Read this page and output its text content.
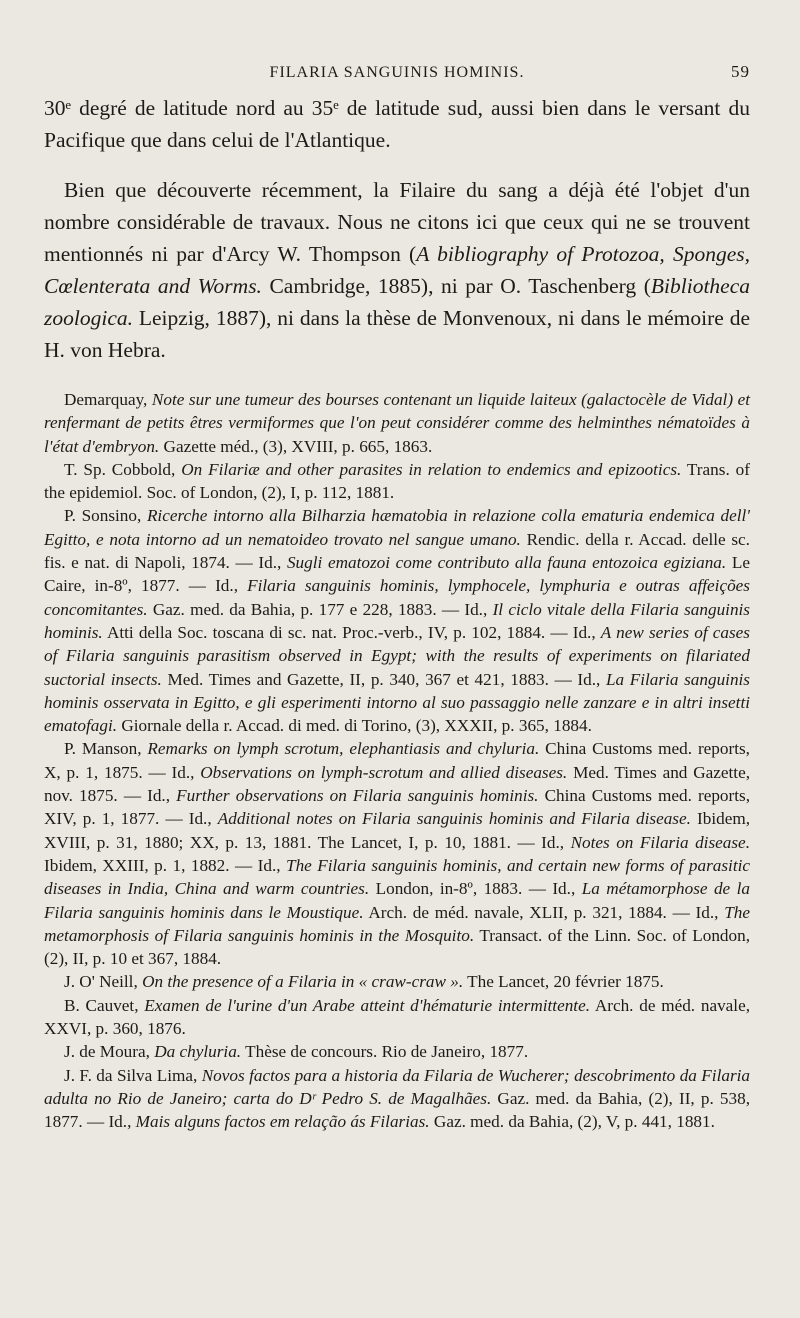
FILARIA SANGUINIS HOMINIS.	59

30ᵉ degré de latitude nord au 35ᵉ de latitude sud, aussi bien dans le versant du Pacifique que dans celui de l'Atlantique.

Bien que découverte récemment, la Filaire du sang a déjà été l'objet d'un nombre considérable de travaux. Nous ne citons ici que ceux qui ne se trouvent mentionnés ni par d'Arcy W. Thompson (A bibliography of Protozoa, Sponges, Cœlenterata and Worms. Cambridge, 1885), ni par O. Taschenberg (Bibliotheca zoologica. Leipzig, 1887), ni dans la thèse de Monvenoux, ni dans le mémoire de H. von Hebra.

Demarquay, Note sur une tumeur des bourses contenant un liquide laiteux (galactocèle de Vidal) et renfermant de petits êtres vermiformes que l'on peut considérer comme des helminthes nématoïdes à l'état d'embryon. Gazette méd., (3), XVIII, p. 665, 1863.

T. Sp. Cobbold, On Filariæ and other parasites in relation to endemics and epizootics. Trans. of the epidemiol. Soc. of London, (2), I, p. 112, 1881.

P. Sonsino, Ricerche intorno alla Bilharzia hæmatobia in relazione colla ematuria endemica dell' Egitto, e nota intorno ad un nematoideo trovato nel sangue umano. Rendic. della r. Accad. delle sc. fis. e nat. di Napoli, 1874. — Id., Sugli ematozoi come contributo alla fauna entozoica egiziana. Le Caire, in-8º, 1877. — Id., Filaria sanguinis hominis, lymphocele, lymphuria e outras affeições concomitantes. Gaz. med. da Bahia, p. 177 e 228, 1883. — Id., Il ciclo vitale della Filaria sanguinis hominis. Atti della Soc. toscana di sc. nat. Proc.-verb., IV, p. 102, 1884. — Id., A new series of cases of Filaria sanguinis parasitism observed in Egypt; with the results of experiments on filariated suctorial insects. Med. Times and Gazette, II, p. 340, 367 et 421, 1883. — Id., La Filaria sanguinis hominis osservata in Egitto, e gli esperimenti intorno al suo passaggio nelle zanzare e in altri insetti ematofagi. Giornale della r. Accad. di med. di Torino, (3), XXXII, p. 365, 1884.

P. Manson, Remarks on lymph scrotum, elephantiasis and chyluria. China Customs med. reports, X, p. 1, 1875. — Id., Observations on lymph-scrotum and allied diseases. Med. Times and Gazette, nov. 1875. — Id., Further observations on Filaria sanguinis hominis. China Customs med. reports, XIV, p. 1, 1877. — Id., Additional notes on Filaria sanguinis hominis and Filaria disease. Ibidem, XVIII, p. 31, 1880; XX, p. 13, 1881. The Lancet, I, p. 10, 1881. — Id., Notes on Filaria disease. Ibidem, XXIII, p. 1, 1882. — Id., The Filaria sanguinis hominis, and certain new forms of parasitic diseases in India, China and warm countries. London, in-8º, 1883. — Id., La métamorphose de la Filaria sanguinis hominis dans le Moustique. Arch. de méd. navale, XLII, p. 321, 1884. — Id., The metamorphosis of Filaria sanguinis hominis in the Mosquito. Transact. of the Linn. Soc. of London, (2), II, p. 10 et 367, 1884.

J. O' Neill, On the presence of a Filaria in « craw-craw ». The Lancet, 20 février 1875.

B. Cauvet, Examen de l'urine d'un Arabe atteint d'hématurie intermittente. Arch. de méd. navale, XXVI, p. 360, 1876.

J. de Moura, Da chyluria. Thèse de concours. Rio de Janeiro, 1877.

J. F. da Silva Lima, Novos factos para a historia da Filaria de Wucherer; descobrimento da Filaria adulta no Rio de Janeiro; carta do Dʳ Pedro S. de Magalhães. Gaz. med. da Bahia, (2), II, p. 538, 1877. — Id., Mais alguns factos em relação ás Filarias. Gaz. med. da Bahia, (2), V, p. 441, 1881.
